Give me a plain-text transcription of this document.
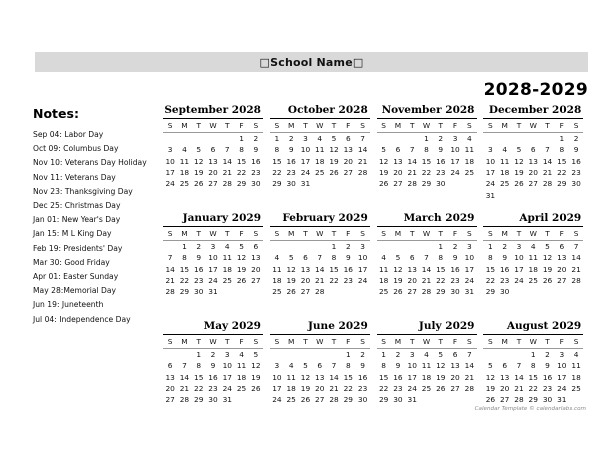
□School Name□
2028-2029
Notes:
Sep 04: Labor Day
Oct 09: Columbus Day
Nov 10: Veterans Day Holiday
Nov 11: Veterans Day
Nov 23: Thanksgiving Day
Dec 25: Christmas Day
Jan 01: New Year's Day
Jan 15: M L King Day
Feb 19: Presidents' Day
Mar 30: Good Friday
Apr 01: Easter Sunday
May 28:Memorial Day
Jun 19: Juneteenth
Jul 04: Independence Day
September 2028
S	M	T	W	T	F	S
					1	2
3	4	5	6	7	8	9
10	11	12	13	14	15	16
17	18	19	20	21	22	23
24	25	26	27	28	29	30

October 2028
S	M	T	W	T	F	S
1	2	3	4	5	6	7
8	9	10	11	12	13	14
15	16	17	18	19	20	21
22	23	24	25	26	27	28
29	30	31				

November 2028
S	M	T	W	T	F	S
			1	2	3	4
5	6	7	8	9	10	11
12	13	14	15	16	17	18
19	20	21	22	23	24	25
26	27	28	29	30		

December 2028
S	M	T	W	T	F	S
					1	2
3	4	5	6	7	8	9
10	11	12	13	14	15	16
17	18	19	20	21	22	23
24	25	26	27	28	29	30
31						
January 2029
S	M	T	W	T	F	S
	1	2	3	4	5	6
7	8	9	10	11	12	13
14	15	16	17	18	19	20
21	22	23	24	25	26	27
28	29	30	31			

February 2029
S	M	T	W	T	F	S
				1	2	3
4	5	6	7	8	9	10
11	12	13	14	15	16	17
18	19	20	21	22	23	24
25	26	27	28			

March 2029
S	M	T	W	T	F	S
				1	2	3
4	5	6	7	8	9	10
11	12	13	14	15	16	17
18	19	20	21	22	23	24
25	26	27	28	29	30	31

April 2029
S	M	T	W	T	F	S
1	2	3	4	5	6	7
8	9	10	11	12	13	14
15	16	17	18	19	20	21
22	23	24	25	26	27	28
29	30					

May 2029
S	M	T	W	T	F	S
		1	2	3	4	5
6	7	8	9	10	11	12
13	14	15	16	17	18	19
20	21	22	23	24	25	26
27	28	29	30	31		

June 2029
S	M	T	W	T	F	S
					1	2
3	4	5	6	7	8	9
10	11	12	13	14	15	16
17	18	19	20	21	22	23
24	25	26	27	28	29	30

July 2029
S	M	T	W	T	F	S
1	2	3	4	5	6	7
8	9	10	11	12	13	14
15	16	17	18	19	20	21
22	23	24	25	26	27	28
29	30	31				

August 2029
S	M	T	W	T	F	S
			1	2	3	4
5	6	7	8	9	10	11
12	13	14	15	16	17	18
19	20	21	22	23	24	25
26	27	28	29	30	31	

Calendar Template © calendarlabs.com
